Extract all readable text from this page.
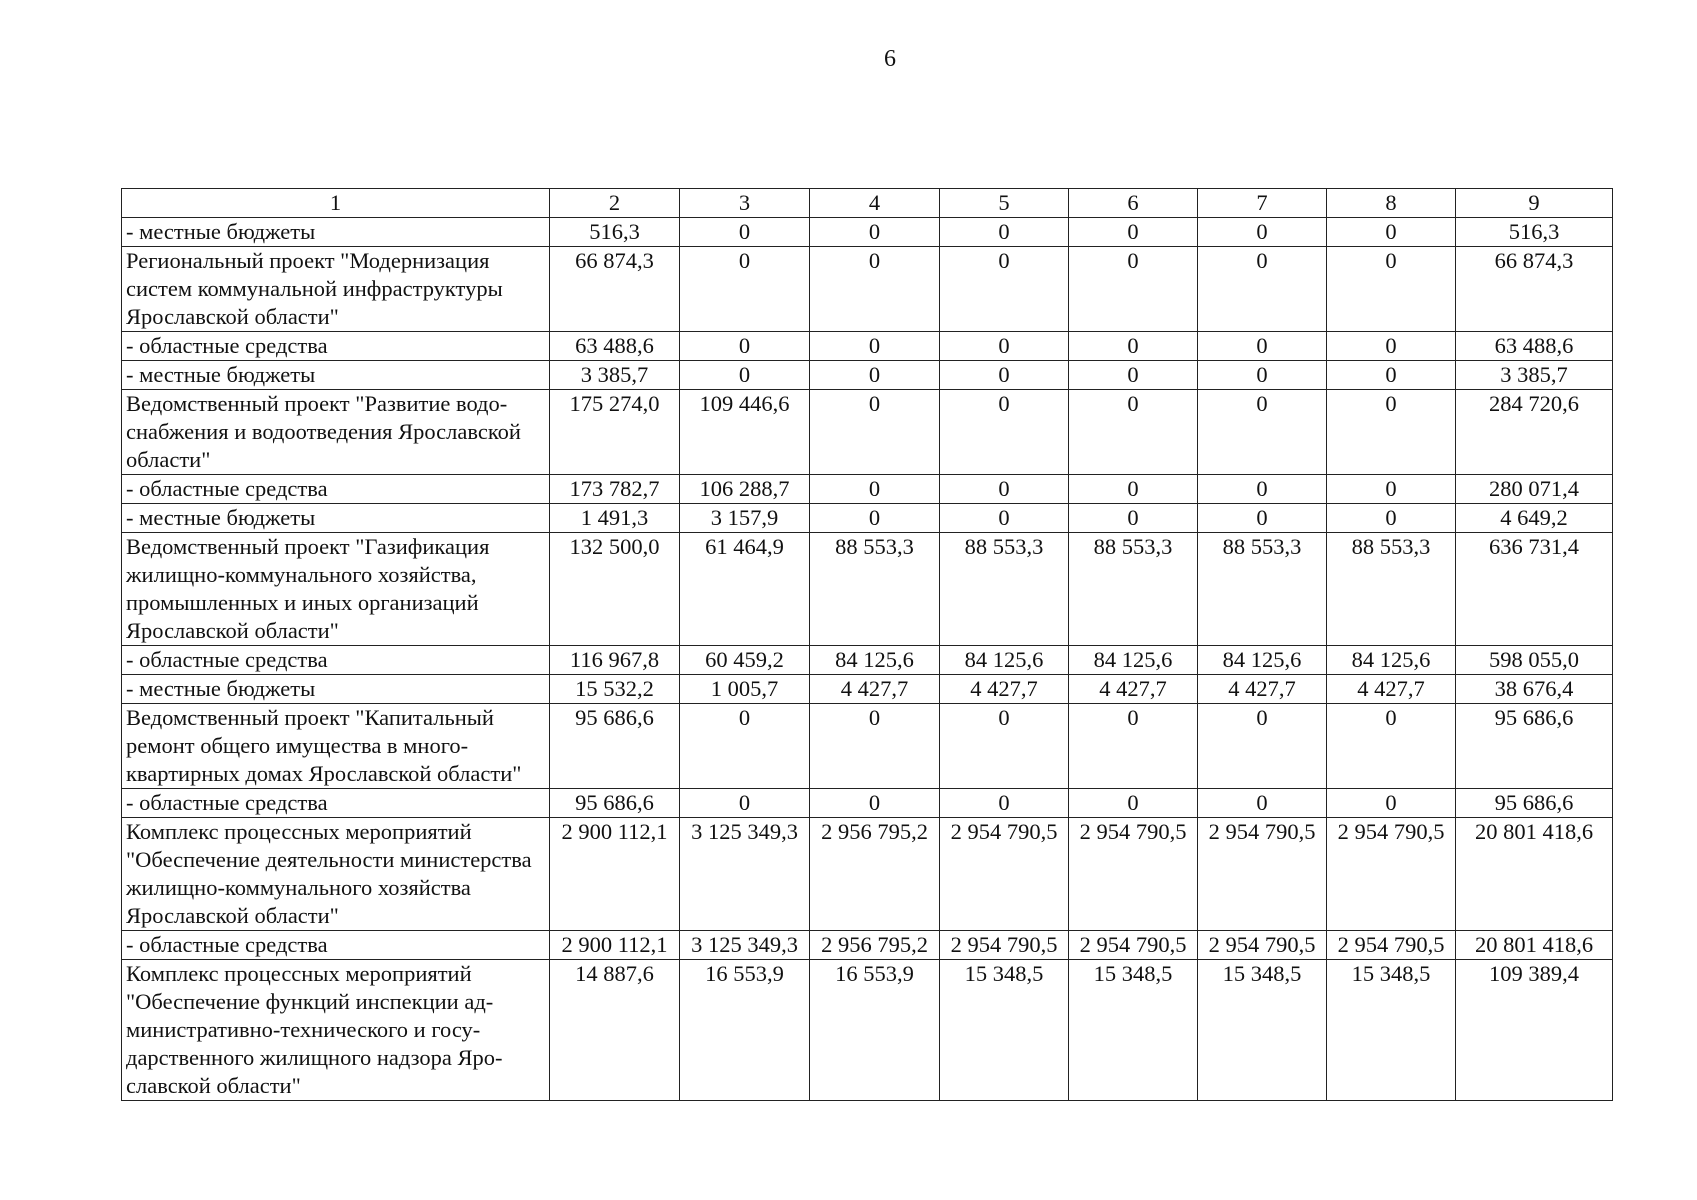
6
1	2	3	4	5	6	7	8	9
- местные бюджеты	516,3	0	0	0	0	0	0	516,3
Региональный проект "Модернизация систем коммунальной инфраструктуры Ярославской области"	66 874,3	0	0	0	0	0	0	66 874,3
- областные средства	63 488,6	0	0	0	0	0	0	63 488,6
- местные бюджеты	3 385,7	0	0	0	0	0	0	3 385,7
Ведомственный проект "Развитие водоснабжения и водоотведения Ярославской области"	175 274,0	109 446,6	0	0	0	0	0	284 720,6
- областные средства	173 782,7	106 288,7	0	0	0	0	0	280 071,4
- местные бюджеты	1 491,3	3 157,9	0	0	0	0	0	4 649,2
Ведомственный проект "Газификация жилищно-коммунального хозяйства, промышленных и иных организаций Ярославской области"	132 500,0	61 464,9	88 553,3	88 553,3	88 553,3	88 553,3	88 553,3	636 731,4
- областные средства	116 967,8	60 459,2	84 125,6	84 125,6	84 125,6	84 125,6	84 125,6	598 055,0
- местные бюджеты	15 532,2	1 005,7	4 427,7	4 427,7	4 427,7	4 427,7	4 427,7	38 676,4
Ведомственный проект "Капитальный ремонт общего имущества в многоквартирных домах Ярославской области"	95 686,6	0	0	0	0	0	0	95 686,6
- областные средства	95 686,6	0	0	0	0	0	0	95 686,6
Комплекс процессных мероприятий "Обеспечение деятельности министерства жилищно-коммунального хозяйства Ярославской области"	2 900 112,1	3 125 349,3	2 956 795,2	2 954 790,5	2 954 790,5	2 954 790,5	2 954 790,5	20 801 418,6
- областные средства	2 900 112,1	3 125 349,3	2 956 795,2	2 954 790,5	2 954 790,5	2 954 790,5	2 954 790,5	20 801 418,6
Комплекс процессных мероприятий "Обеспечение функций инспекции административно-технического и государственного жилищного надзора Ярославской области"	14 887,6	16 553,9	16 553,9	15 348,5	15 348,5	15 348,5	15 348,5	109 389,4
